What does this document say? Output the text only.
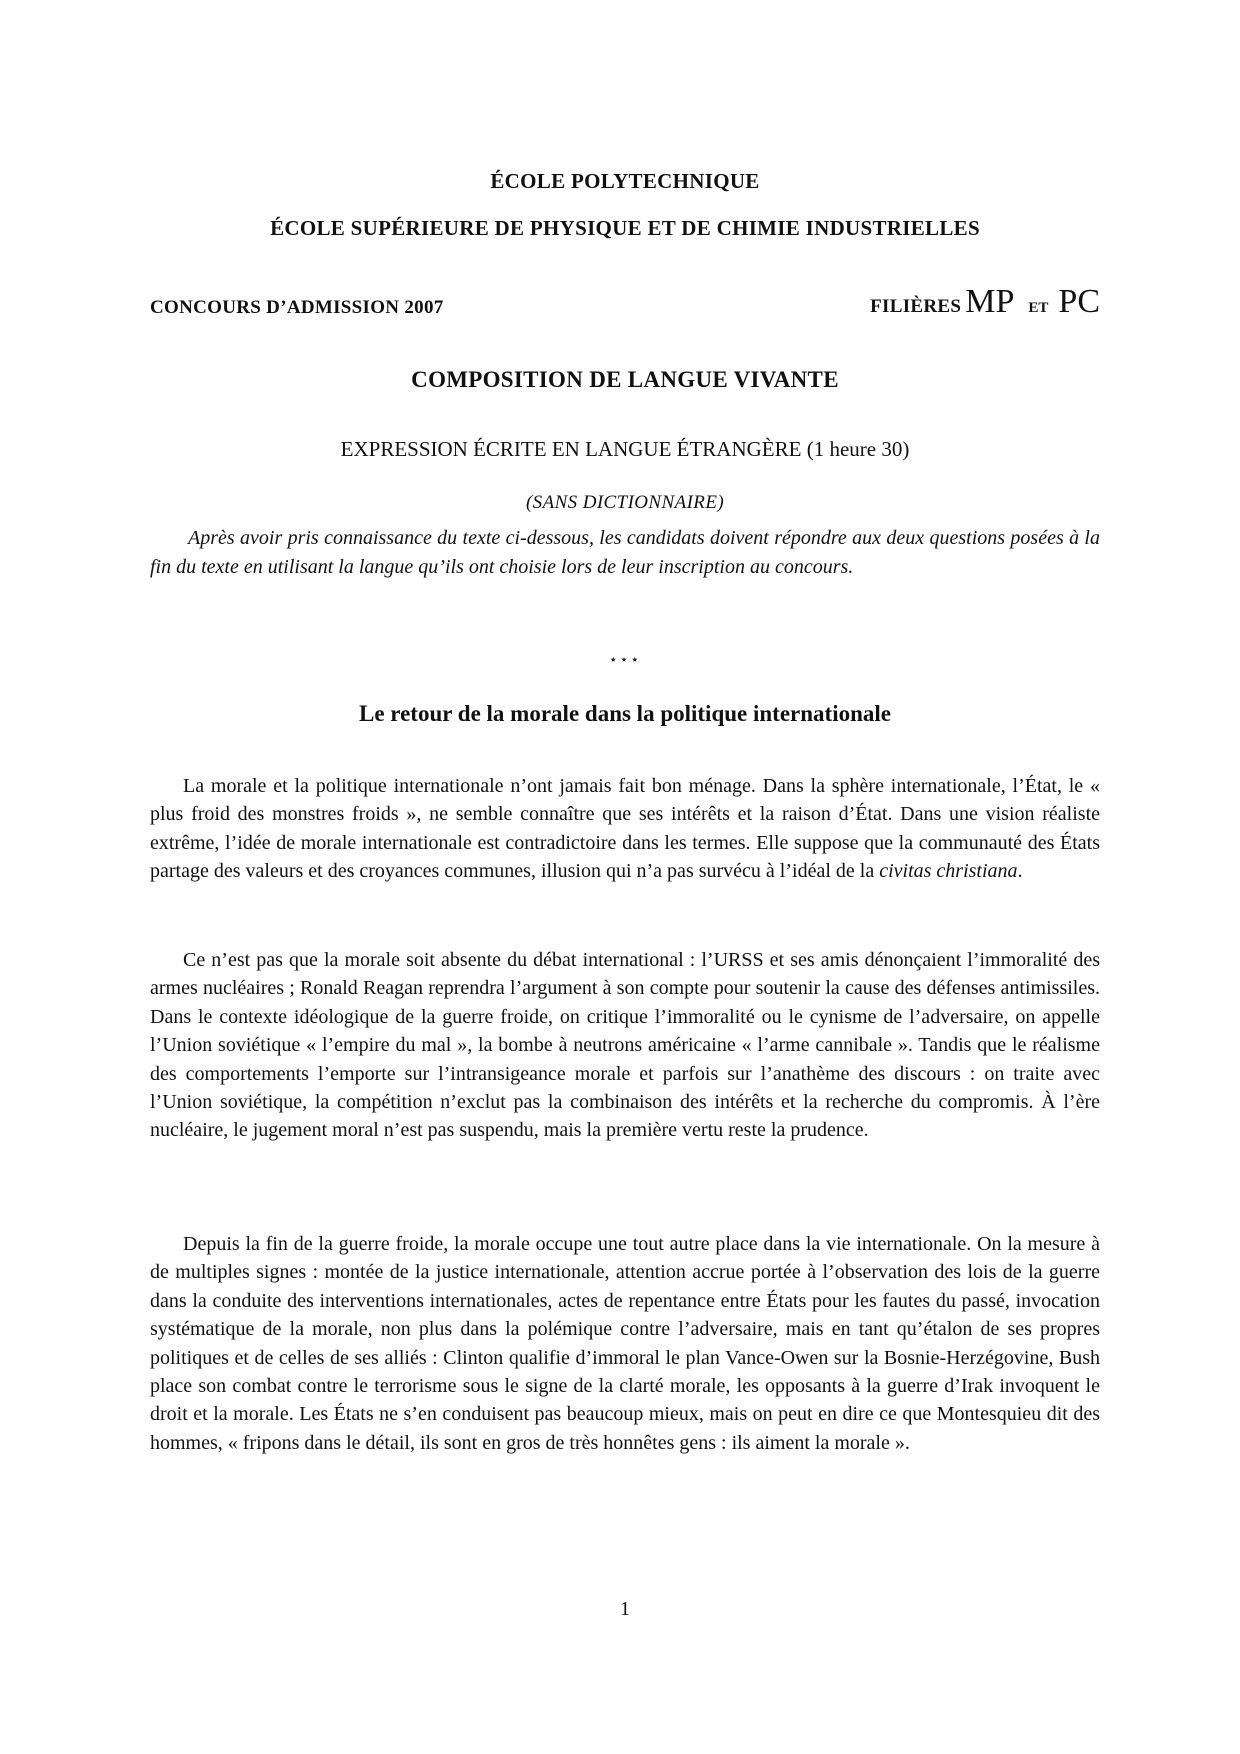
ÉCOLE POLYTECHNIQUE
ÉCOLE SUPÉRIEURE DE PHYSIQUE ET DE CHIMIE INDUSTRIELLES
CONCOURS D’ADMISSION 2007	FILIÈRES MP ET PC
COMPOSITION DE LANGUE VIVANTE
EXPRESSION ÉCRITE EN LANGUE ÉTRANGÈRE (1 heure 30)
(SANS DICTIONNAIRE)

Après avoir pris connaissance du texte ci-dessous, les candidats doivent répondre aux deux questions posées à la fin du texte en utilisant la langue qu’ils ont choisie lors de leur inscription au concours.

⋆⋆⋆
Le retour de la morale dans la politique internationale

La morale et la politique internationale n’ont jamais fait bon ménage. Dans la sphère internationale, l’État, le « plus froid des monstres froids », ne semble connaître que ses intérêts et la raison d’État. Dans une vision réaliste extrême, l’idée de morale internationale est contradictoire dans les termes. Elle suppose que la communauté des États partage des valeurs et des croyances communes, illusion qui n’a pas survécu à l’idéal de la civitas christiana.

Ce n’est pas que la morale soit absente du débat international : l’URSS et ses amis dénonçaient l’immoralité des armes nucléaires ; Ronald Reagan reprendra l’argument à son compte pour soutenir la cause des défenses antimissiles. Dans le contexte idéologique de la guerre froide, on critique l’immoralité ou le cynisme de l’adversaire, on appelle l’Union soviétique « l’empire du mal », la bombe à neutrons américaine « l’arme cannibale ». Tandis que le réalisme des comportements l’emporte sur l’intransigeance morale et parfois sur l’anathème des discours : on traite avec l’Union soviétique, la compétition n’exclut pas la combinaison des intérêts et la recherche du compromis. À l’ère nucléaire, le jugement moral n’est pas suspendu, mais la première vertu reste la prudence.

Depuis la fin de la guerre froide, la morale occupe une tout autre place dans la vie internationale. On la mesure à de multiples signes : montée de la justice internationale, attention accrue portée à l’observation des lois de la guerre dans la conduite des interventions internationales, actes de repentance entre États pour les fautes du passé, invocation systématique de la morale, non plus dans la polémique contre l’adversaire, mais en tant qu’étalon de ses propres politiques et de celles de ses alliés : Clinton qualifie d’immoral le plan Vance-Owen sur la Bosnie-Herzégovine, Bush place son combat contre le terrorisme sous le signe de la clarté morale, les opposants à la guerre d’Irak invoquent le droit et la morale. Les États ne s’en conduisent pas beaucoup mieux, mais on peut en dire ce que Montesquieu dit des hommes, « fripons dans le détail, ils sont en gros de très honnêtes gens : ils aiment la morale ».

1
